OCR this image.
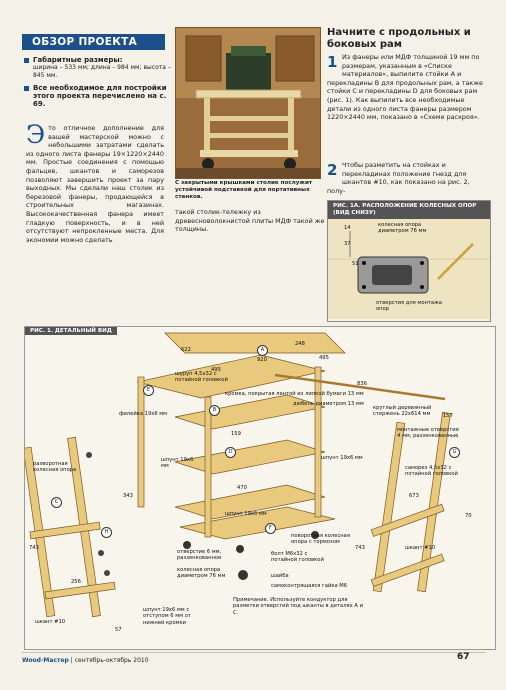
ОБЗОР ПРОЕКТА
Габаритные размеры:
ширина – 533 мм; длина – 984 мм; высота – 845 мм.
Все необходимое для постройки этого проекта перечислено на с. 69.
Э то отличное дополнение для вашей мастерской можно с небольшими затратами сделать из одного листа фанеры 19×1220×2440 мм. Простые соединения с помощью фальцев, шкантов и саморезов позволяют завершить проект за пару выходных. Мы сделали наш столик из березовой фанеры, продающейся в строительных магазинах. Высококачественная фанера имеет гладкую поверхность, и в ней отсутствуют непрокленные места. Для экономии можно сделать
С закрытыми крышками столик послужит устойчивой подставкой для портативных станков.
такой столик-тележку из древесноволокнистой плиты МДФ такой же толщины.
Начните с продольных и боковых рам
1 Из фанеры или МДФ толщиной 19 мм по размерам, указанным в «Списке материалов», выпилите стойки A и перекладины B для продольных рам, а также стойки C и перекладины D для боковых рам (рис. 1). Как выпилить все необходимые детали из одного листа фанеры размером 1220×2440 мм, показано в «Схеме раскроя».
2 Чтобы разметить на стойках и перекладинах положение гнезд для шкантов #10, как показано на рис. 2, полу-
РИС. 1А. РАСПОЛОЖЕНИЕ КОЛЕСНЫХ ОПОР (ВИД СНИЗУ)
колесная опора диаметром 76 мм
отверстия для монтажа опор
14
37
51
РИС. 1. ДЕТАЛЬНЫЙ ВИД
622
248
495
920
шуруп 4,5х32 с потайной головкой
кромка, покрытая лентой из липкой бумаги 13 мм
дюбель диаметром 13 мм
филейка 19х6 мм
круглый деревянный стержень 22х614 мм
монтажные отверстия 4 мм, раззенкованные
разворотная колесная опора
шпунт 19х6 мм
шпунт 19х6 мм
шпунт 19х6 мм
саморез 4,5х32 с потайной головкой
поворотная колесная опора с тормозом
отверстие 6 мм, раззенкованное
колесная опора диаметром 76 мм
болт М6х32 с потайной головкой
шайба
самоконтрящаяся гайка М6
шкант #10
шкант #10
Примечание. Используйте кондуктор для разметки отверстий под шканты в деталях A и C.
шпунт 19х6 мм с отступом 6 мм от нижней кромки
743
343
159
470
673
256
743
57
836
495
157
70
A
B
C
D
E
F
G
H
Wood-Мастер | сентябрь-октябрь 2010	67
